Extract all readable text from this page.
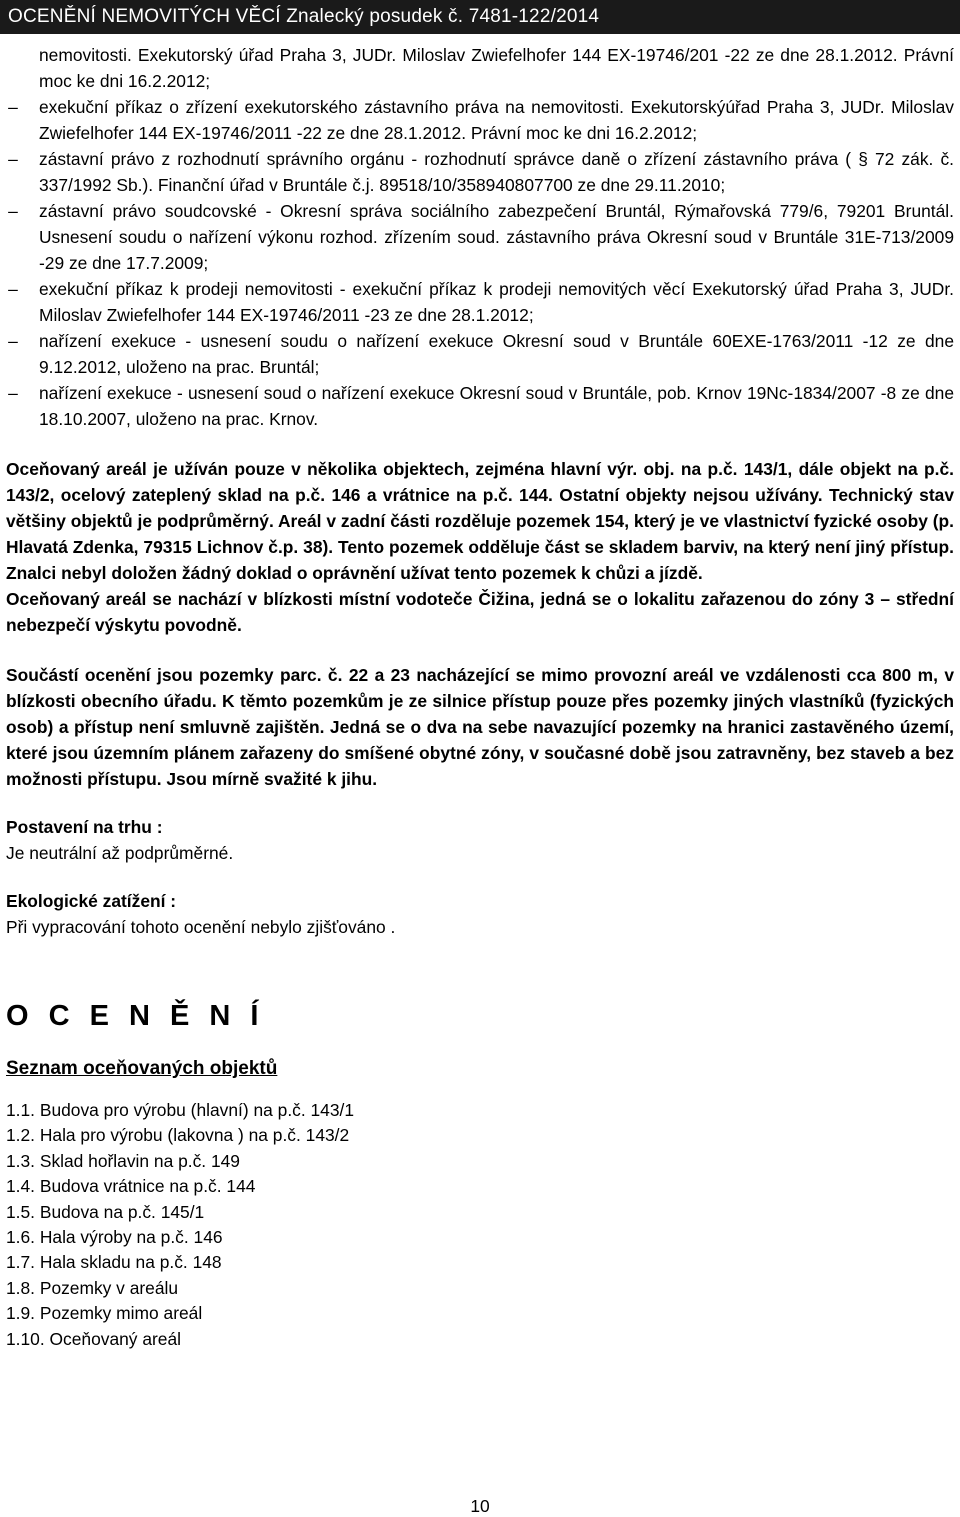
OCENĚNÍ NEMOVITÝCH VĚCÍ Znalecký posudek č. 7481-122/2014
nemovitosti. Exekutorský úřad Praha 3, JUDr. Miloslav Zwiefelhofer 144 EX-19746/201 -22 ze dne 28.1.2012. Právní moc ke dni 16.2.2012;
– exekuční příkaz o zřízení exekutorského zástavního práva na nemovitosti. Exekutorskýúřad Praha 3, JUDr. Miloslav Zwiefelhofer 144 EX-19746/2011 -22 ze dne 28.1.2012. Právní moc ke dni 16.2.2012;
– zástavní právo z rozhodnutí správního orgánu - rozhodnutí správce daně o zřízení zástavního práva ( § 72 zák. č. 337/1992 Sb.). Finanční úřad v Bruntále č.j. 89518/10/358940807700 ze dne 29.11.2010;
– zástavní právo soudcovské - Okresní správa sociálního zabezpečení Bruntál, Rýmařovská 779/6, 79201 Bruntál. Usnesení soudu o nařízení výkonu rozhod. zřízením soud. zástavního práva Okresní soud v Bruntále 31E-713/2009 -29 ze dne 17.7.2009;
– exekuční příkaz k prodeji nemovitosti - exekuční příkaz k prodeji nemovitých věcí Exekutorský úřad Praha 3, JUDr. Miloslav Zwiefelhofer 144 EX-19746/2011 -23 ze dne 28.1.2012;
– nařízení exekuce - usnesení soudu o nařízení exekuce Okresní soud v Bruntále 60EXE-1763/2011 -12 ze dne 9.12.2012, uloženo na prac. Bruntál;
– nařízení exekuce - usnesení soud o nařízení exekuce Okresní soud v Bruntále, pob. Krnov 19Nc-1834/2007 -8 ze dne 18.10.2007, uloženo na prac. Krnov.

Oceňovaný areál je užíván pouze v několika objektech, zejména hlavní výr. obj. na p.č. 143/1, dále objekt na p.č. 143/2, ocelový zateplený sklad na p.č. 146 a vrátnice na p.č. 144. Ostatní objekty nejsou užívány. Technický stav většiny objektů je podprůměrný. Areál v zadní části rozděluje pozemek 154, který je ve vlastnictví fyzické osoby (p. Hlavatá Zdenka, 79315 Lichnov č.p. 38). Tento pozemek odděluje část se skladem barviv, na který není jiný přístup. Znalci nebyl doložen žádný doklad o oprávnění užívat tento pozemek k chůzi a jízdě.

Oceňovaný areál se nachází v blízkosti místní vodoteče Čižina, jedná se o lokalitu zařazenou do zóny 3 – střední nebezpečí výskytu povodně.

Součástí ocenění jsou pozemky parc. č. 22 a 23 nacházející se mimo provozní areál ve vzdálenosti cca 800 m, v blízkosti obecního úřadu. K těmto pozemkům je ze silnice přístup pouze přes pozemky jiných vlastníků (fyzických osob) a přístup není smluvně zajištěn. Jedná se o dva na sebe navazující pozemky na hranici zastavěného území, které jsou územním plánem zařazeny do smíšené obytné zóny, v současné době jsou zatravněny, bez staveb a bez možnosti přístupu. Jsou mírně svažité k jihu.

Postavení na trhu :
Je neutrální až podprůměrné.
Ekologické zatížení :
Při vypracování tohoto ocenění nebylo zjišťováno .
O C E N Ě N Í
Seznam oceňovaných objektů
1.1. Budova pro výrobu (hlavní) na p.č. 143/1
1.2. Hala pro výrobu (lakovna ) na p.č. 143/2
1.3. Sklad hořlavin na p.č. 149
1.4. Budova vrátnice na p.č. 144
1.5. Budova na p.č. 145/1
1.6. Hala výroby na p.č. 146
1.7. Hala skladu na p.č. 148
1.8. Pozemky v areálu
1.9. Pozemky mimo areál
1.10. Oceňovaný areál
10
